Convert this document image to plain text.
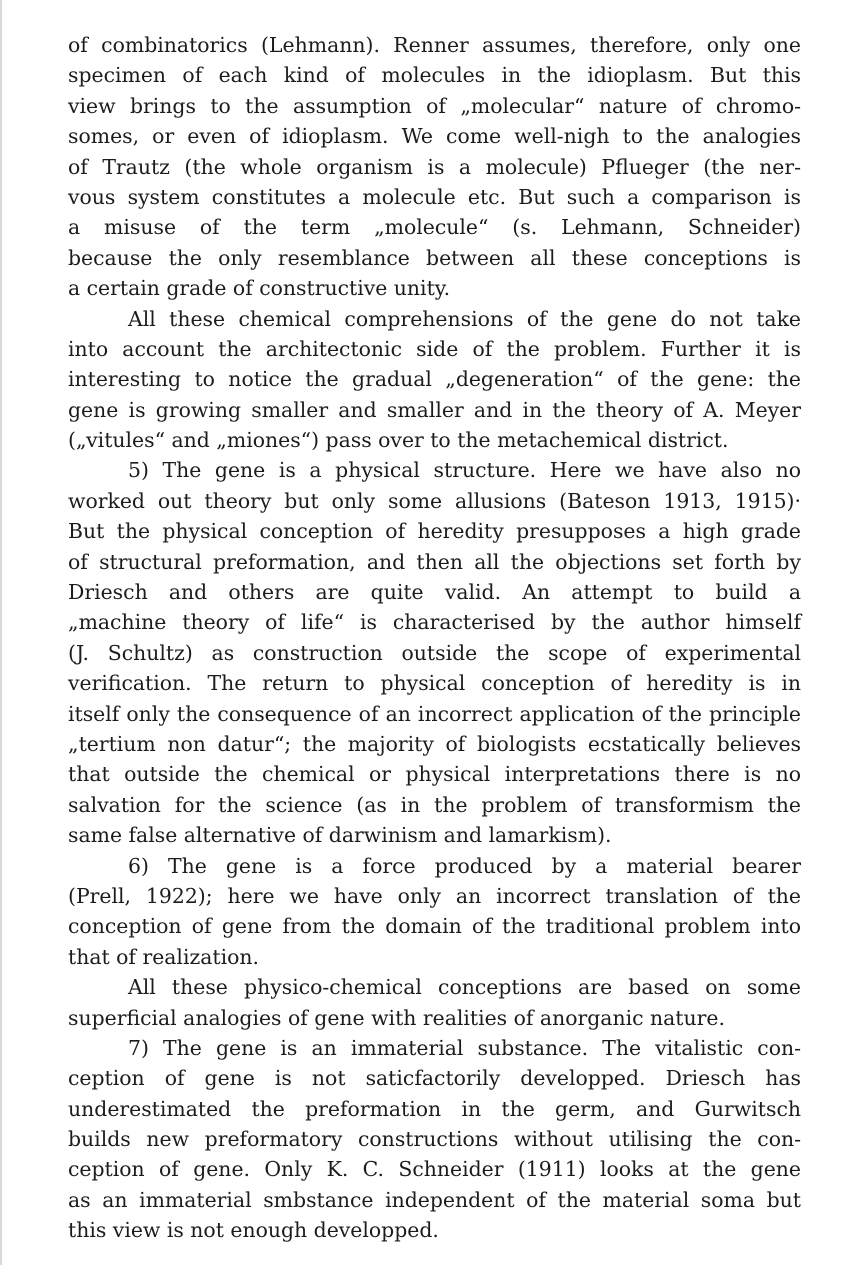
of combinatorics (Lehmann). Renner assumes, therefore, only one
specimen of each kind of molecules in the idioplasm. But this
view brings to the assumption of „molecular“ nature of chromo-
somes, or even of idioplasm. We come well-nigh to the analogies
of Trautz (the whole organism is a molecule) Pflueger (the ner-
vous system constitutes a molecule etc. But such a comparison is
a misuse of the term „molecule“ (s. Lehmann, Schneider)
because the only resemblance between all these conceptions is
a certain grade of constructive unity.
All these chemical comprehensions of the gene do not take
into account the architectonic side of the problem. Further it is
interesting to notice the gradual „degeneration“ of the gene: the
gene is growing smaller and smaller and in the theory of A. Meyer
(„vitules“ and „miones“) pass over to the metachemical district.
5) The gene is a physical structure. Here we have also no
worked out theory but only some allusions (Bateson 1913, 1915)·
But the physical conception of heredity presupposes a high grade
of structural preformation, and then all the objections set forth by
Driesch and others are quite valid. An attempt to build a
„machine theory of life“ is characterised by the author himself
(J. Schultz) as construction outside the scope of experimental
verification. The return to physical conception of heredity is in
itself only the consequence of an incorrect application of the principle
„tertium non datur“; the majority of biologists ecstatically believes
that outside the chemical or physical interpretations there is no
salvation for the science (as in the problem of transformism the
same false alternative of darwinism and lamarkism).
6) The gene is a force produced by a material bearer
(Prell, 1922); here we have only an incorrect translation of the
conception of gene from the domain of the traditional problem into
that of realization.
All these physico-chemical conceptions are based on some
superficial analogies of gene with realities of anorganic nature.
7) The gene is an immaterial substance. The vitalistic con-
ception of gene is not saticfactorily developped. Driesch has
underestimated the preformation in the germ, and Gurwitsch
builds new preformatory constructions without utilising the con-
ception of gene. Only K. C. Schneider (1911) looks at the gene
as an immaterial smbstance independent of the material soma but
this view is not enough developped.
